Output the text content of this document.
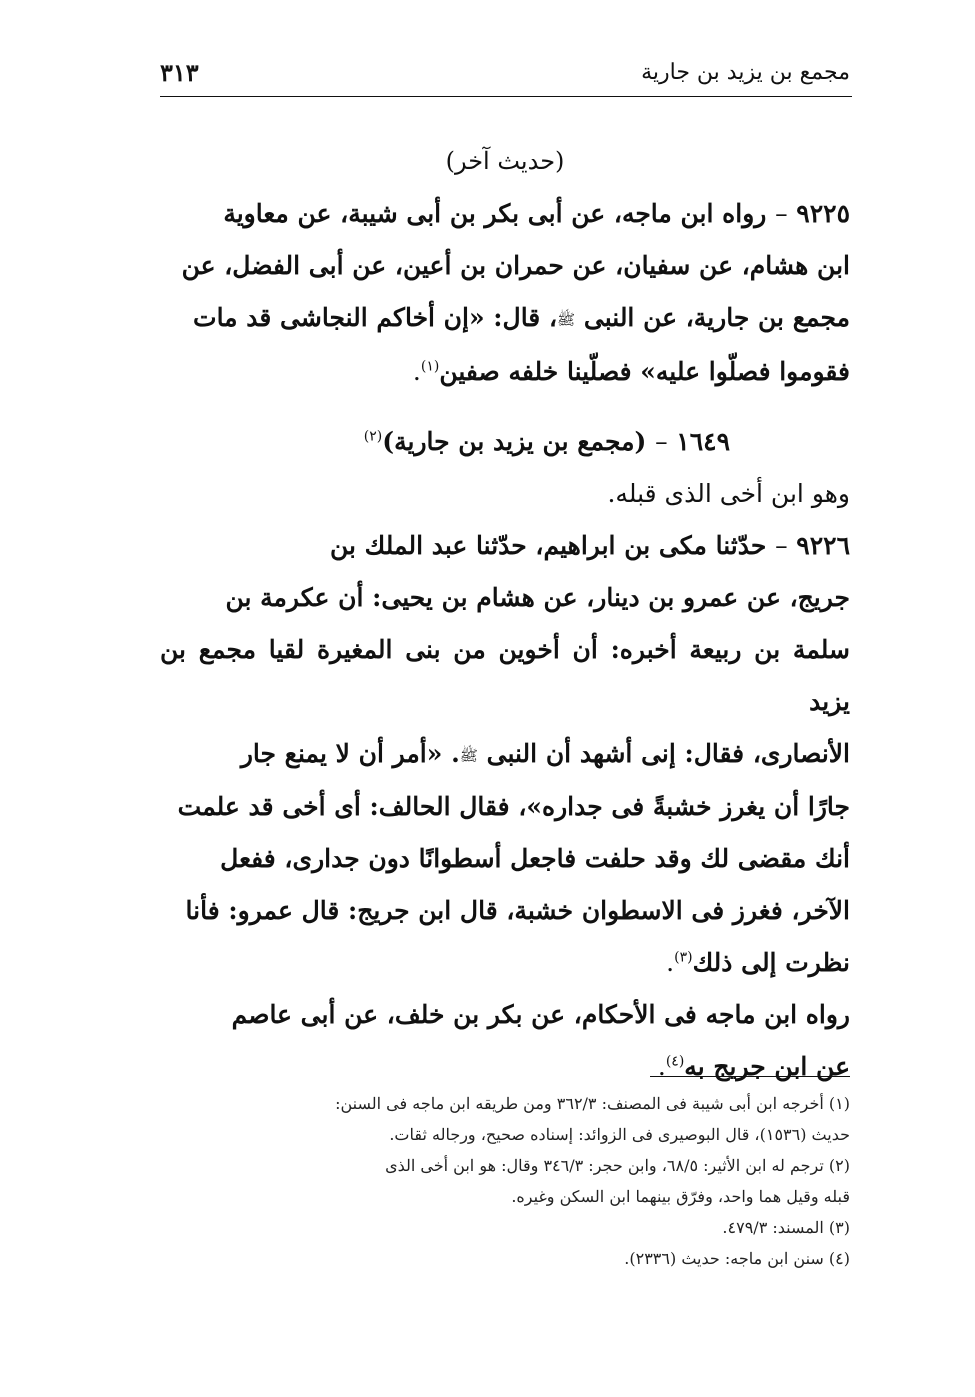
مجمع بن يزيد بن جارية
٣١٣
(حديث آخر)

٩٢٢٥ – رواه ابن ماجه، عن أبى بكر بن أبى شيبة، عن معاوية

ابن هشام، عن سفيان، عن حمران بن أعين، عن أبى الفضل، عن

مجمع بن جارية، عن النبى ﷺ، قال: «إن أخاكم النجاشى قد مات

فقوموا فصلّوا عليه» فصلّينا خلفه صفين$^{(١)}$.

١٦٤٩ – (مجمع بن يزيد بن جارية)$^{(٢)}$
وهو ابن أخى الذى قبله.

٩٢٢٦ – حدّثنا مكى بن ابراهيم، حدّثنا عبد الملك بن

جريج، عن عمرو بن دينار، عن هشام بن يحيى: أن عكرمة بن

سلمة بن ربيعة أخبره: أن أخوين من بنى المغيرة لقيا مجمع بن يزيد

الأنصارى، فقال: إنى أشهد أن النبى ﷺ. «أمر أن لا يمنع جار

جارًا أن يغرز خشبةً فى جداره»، فقال الحالف: أى أخى قد علمت

أنك مقضى لك وقد حلفت فاجعل أسطوانًا دون جدارى، ففعل

الآخر، فغرز فى الاسطوان خشبة، قال ابن جريج: قال عمرو: فأنا

نظرت إلى ذلك$^{(٣)}$.

رواه ابن ماجه فى الأحكام، عن بكر بن خلف، عن أبى عاصم

عن ابن جريج به$^{(٤)}$.

(١) أخرجه ابن أبى شيبة فى المصنف: ٣٦٢/٣ ومن طريقه ابن ماجه فى السنن:

حديث (١٥٣٦)، قال البوصيرى فى الزوائد: إسناده صحيح، ورجاله ثقات.

(٢) ترجم له ابن الأثير: ٦٨/٥، وابن حجر: ٣٤٦/٣ وقال: هو ابن أخى الذى

قبله وقيل هما واحد، وفرّق بينهما ابن السكن وغيره.

(٣) المسند: ٤٧٩/٣.

(٤) سنن ابن ماجه: حديث (٢٣٣٦).
